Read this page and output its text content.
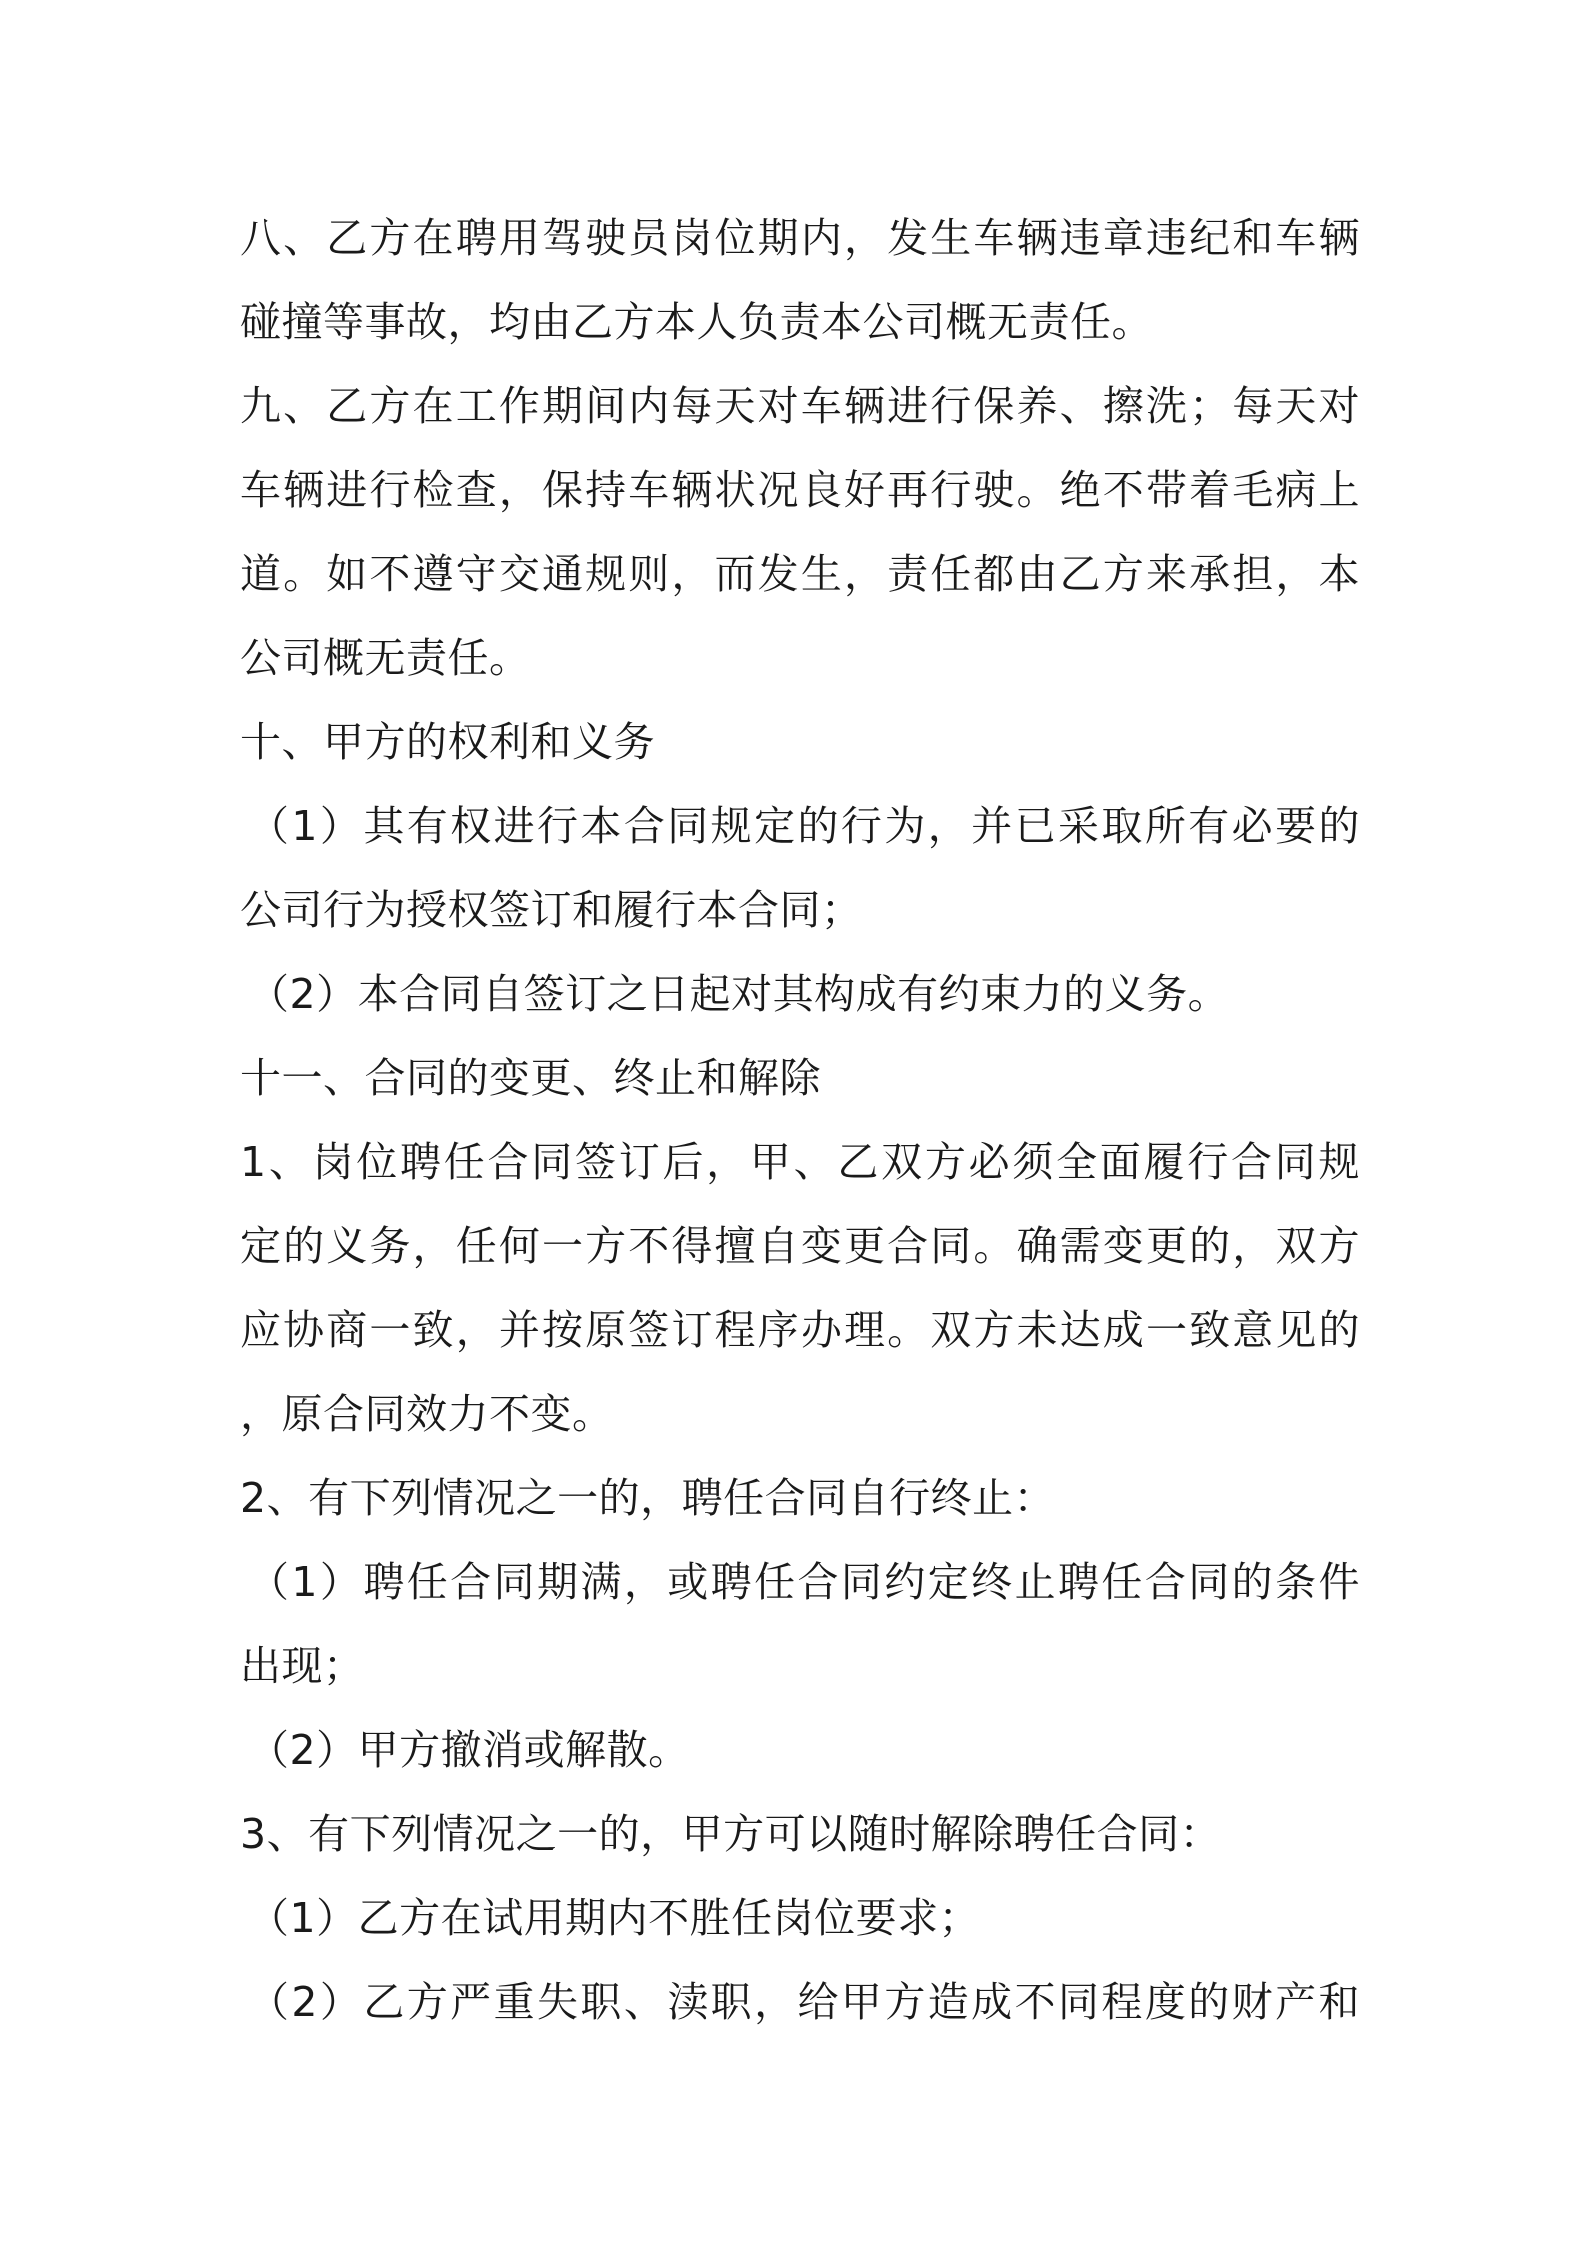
八、乙方在聘用驾驶员岗位期内，发生车辆违章违纪和车辆
碰撞等事故，均由乙方本人负责本公司概无责任。
九、乙方在工作期间内每天对车辆进行保养、擦洗；每天对
车辆进行检查，保持车辆状况良好再行驶。绝不带着毛病上
道。如不遵守交通规则，而发生，责任都由乙方来承担，本
公司概无责任。
十、甲方的权利和义务
（1）其有权进行本合同规定的行为，并已采取所有必要的
公司行为授权签订和履行本合同；
（2）本合同自签订之日起对其构成有约束力的义务。
十一、合同的变更、终止和解除
1、岗位聘任合同签订后，甲、乙双方必须全面履行合同规
定的义务，任何一方不得擅自变更合同。确需变更的，双方
应协商一致，并按原签订程序办理。双方未达成一致意见的
，原合同效力不变。
2、有下列情况之一的，聘任合同自行终止：
（1）聘任合同期满，或聘任合同约定终止聘任合同的条件
出现；
（2）甲方撤消或解散。
3、有下列情况之一的，甲方可以随时解除聘任合同：
（1）乙方在试用期内不胜任岗位要求；
（2）乙方严重失职、渎职，给甲方造成不同程度的财产和
